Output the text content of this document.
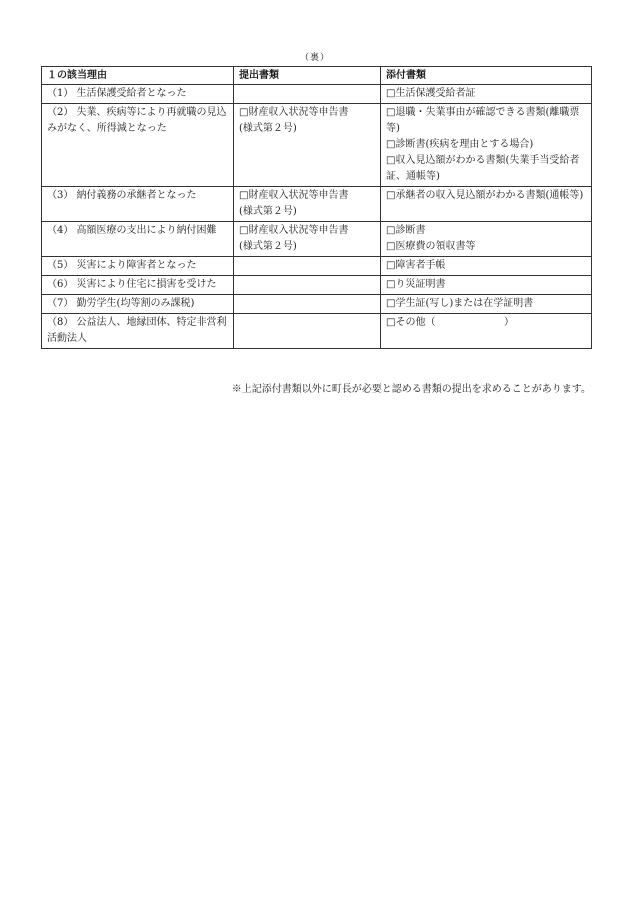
（裏）
１の該当理由	提出書類	添付書類
（1） 生活保護受給者となった		□生活保護受給者証

（2） 失業、疾病等により再就職の見込みがなく、所得減となった	□財産収入状況等申告書
(様式第２号)	□退職・失業事由が確認できる書類(離職票等)
□診断書(疾病を理由とする場合)
□収入見込額がわかる書類(失業手当受給者証、通帳等)

（3） 納付義務の承継者となった	□財産収入状況等申告書
(様式第２号)	□承継者の収入見込額がわかる書類(通帳等)

（4） 高額医療の支出により納付困難	□財産収入状況等申告書
(様式第２号)	□診断書
□医療費の領収書等

（5） 災害により障害者となった		□障害者手帳

（6） 災害により住宅に損害を受けた		□り災証明書

（7） 勤労学生(均等割のみ課税)		□学生証(写し)または在学証明書

（8） 公益法人、地縁団体、特定非営利活動法人		□その他（ ）
※上記添付書類以外に町長が必要と認める書類の提出を求めることがあります。
